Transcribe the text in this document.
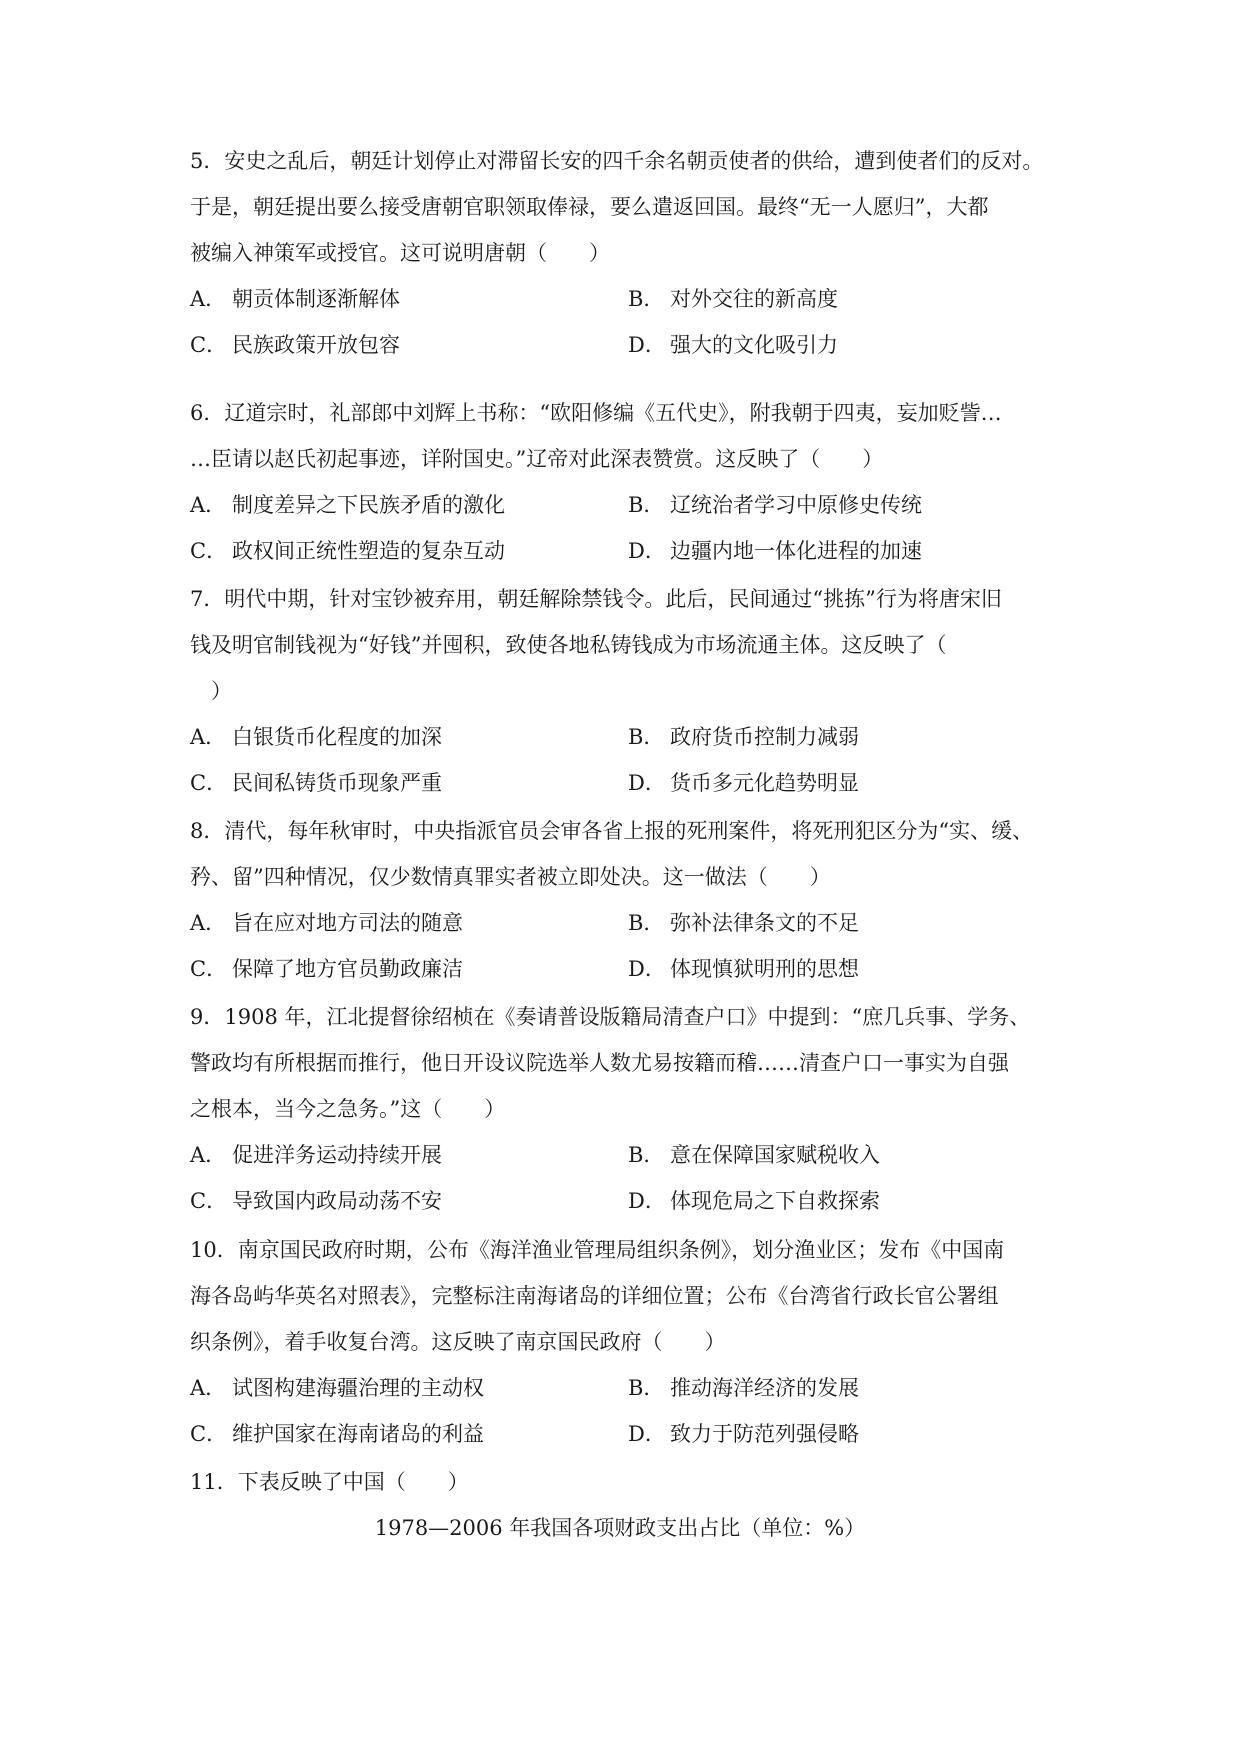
5．安史之乱后，朝廷计划停止对滞留长安的四千余名朝贡使者的供给，遭到使者们的反对。
于是，朝廷提出要么接受唐朝官职领取俸禄，要么遣返回国。最终“无一人愿归”，大都
被编入神策军或授官。这可说明唐朝（　　）
A． 朝贡体制逐渐解体	B． 对外交往的新高度
C． 民族政策开放包容	D． 强大的文化吸引力
6．辽道宗时，礼部郎中刘辉上书称：“欧阳修编《五代史》，附我朝于四夷，妄加贬訾…
…臣请以赵氏初起事迹，详附国史。”辽帝对此深表赞赏。这反映了（　　）
A． 制度差异之下民族矛盾的激化	B． 辽统治者学习中原修史传统
C． 政权间正统性塑造的复杂互动	D． 边疆内地一体化进程的加速
7．明代中期，针对宝钞被弃用，朝廷解除禁钱令。此后，民间通过“挑拣”行为将唐宋旧
钱及明官制钱视为“好钱”并囤积，致使各地私铸钱成为市场流通主体。这反映了（
　）
A． 白银货币化程度的加深	B． 政府货币控制力减弱
C． 民间私铸货币现象严重	D． 货币多元化趋势明显
8．清代，每年秋审时，中央指派官员会审各省上报的死刑案件，将死刑犯区分为“实、缓、
矜、留”四种情况，仅少数情真罪实者被立即处决。这一做法（　　）
A． 旨在应对地方司法的随意	B． 弥补法律条文的不足
C． 保障了地方官员勤政廉洁	D． 体现慎狱明刑的思想
9．1908 年，江北提督徐绍桢在《奏请普设版籍局清查户口》中提到：“庶几兵事、学务、
警政均有所根据而推行，他日开设议院选举人数尤易按籍而稽……清查户口一事实为自强
之根本，当今之急务。”这（　　）
A． 促进洋务运动持续开展	B． 意在保障国家赋税收入
C． 导致国内政局动荡不安	D． 体现危局之下自救探索
10．南京国民政府时期，公布《海洋渔业管理局组织条例》，划分渔业区；发布《中国南
海各岛屿华英名对照表》，完整标注南海诸岛的详细位置；公布《台湾省行政长官公署组
织条例》，着手收复台湾。这反映了南京国民政府（　　）
A． 试图构建海疆治理的主动权	B． 推动海洋经济的发展
C． 维护国家在海南诸岛的利益	D． 致力于防范列强侵略
11．下表反映了中国（　　）
1978—2006 年我国各项财政支出占比（单位：%）
